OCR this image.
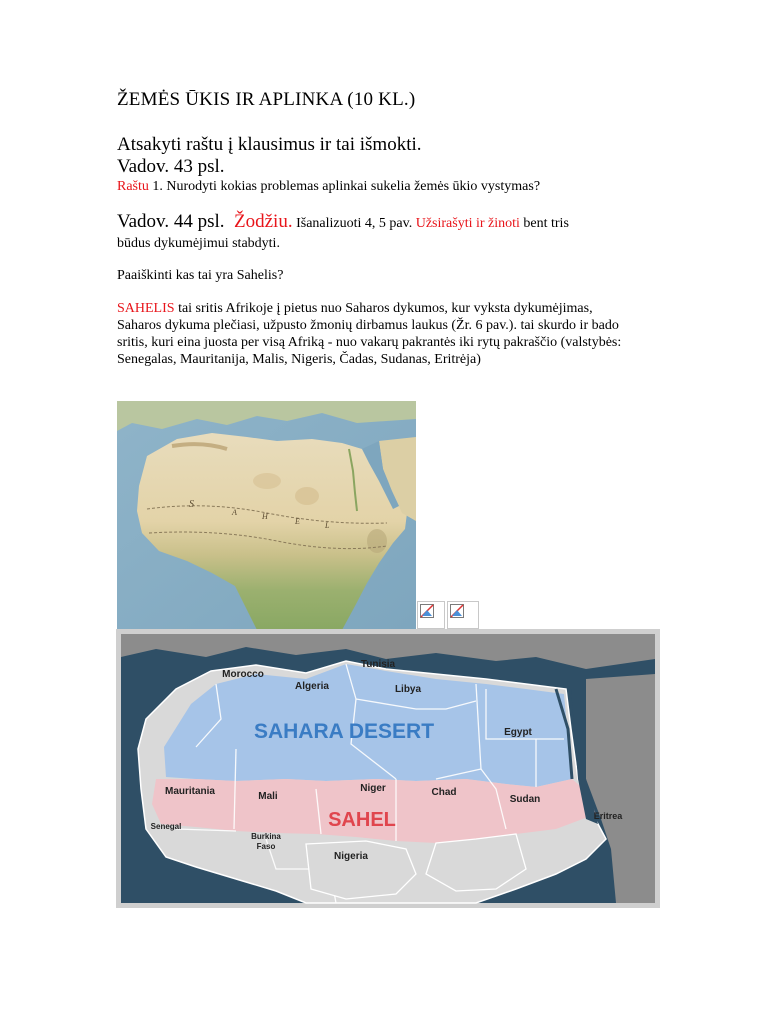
ŽEMĖS ŪKIS IR APLINKA (10 KL.)
Atsakyti raštu į klausimus ir tai išmokti.
Vadov. 43 psl.
Raštu 1. Nurodyti kokias problemas aplinkai sukelia žemės ūkio vystymas?
Vadov. 44 psl. Žodžiu. Išanalizuoti 4, 5 pav. Užsirašyti ir žinoti bent tris
būdus dykumėjimui stabdyti.
Paaiškinti kas tai yra Sahelis?
SAHELIS tai sritis Afrikoje į pietus nuo Saharos dykumos, kur vyksta dykumėjimas, Saharos dykuma plečiasi, užpusto žmonių dirbamus laukus (Žr. 6 pav.). tai skurdo ir bado sritis, kuri eina juosta per visą Afriką - nuo vakarų pakrantės iki rytų pakraščio (valstybės: Senegalas, Mauritanija, Malis, Nigeris, Čadas, Sudanas, Eritrėja)
S
A	H
E	L
Morocco
Algeria
Tunisia
Libya
Egypt
Mauritania	Mali
Niger	Chad
Sudan
Senegal
Burkina
Faso
Nigeria
Eritrea
SAHARA DESERT
SAHEL
